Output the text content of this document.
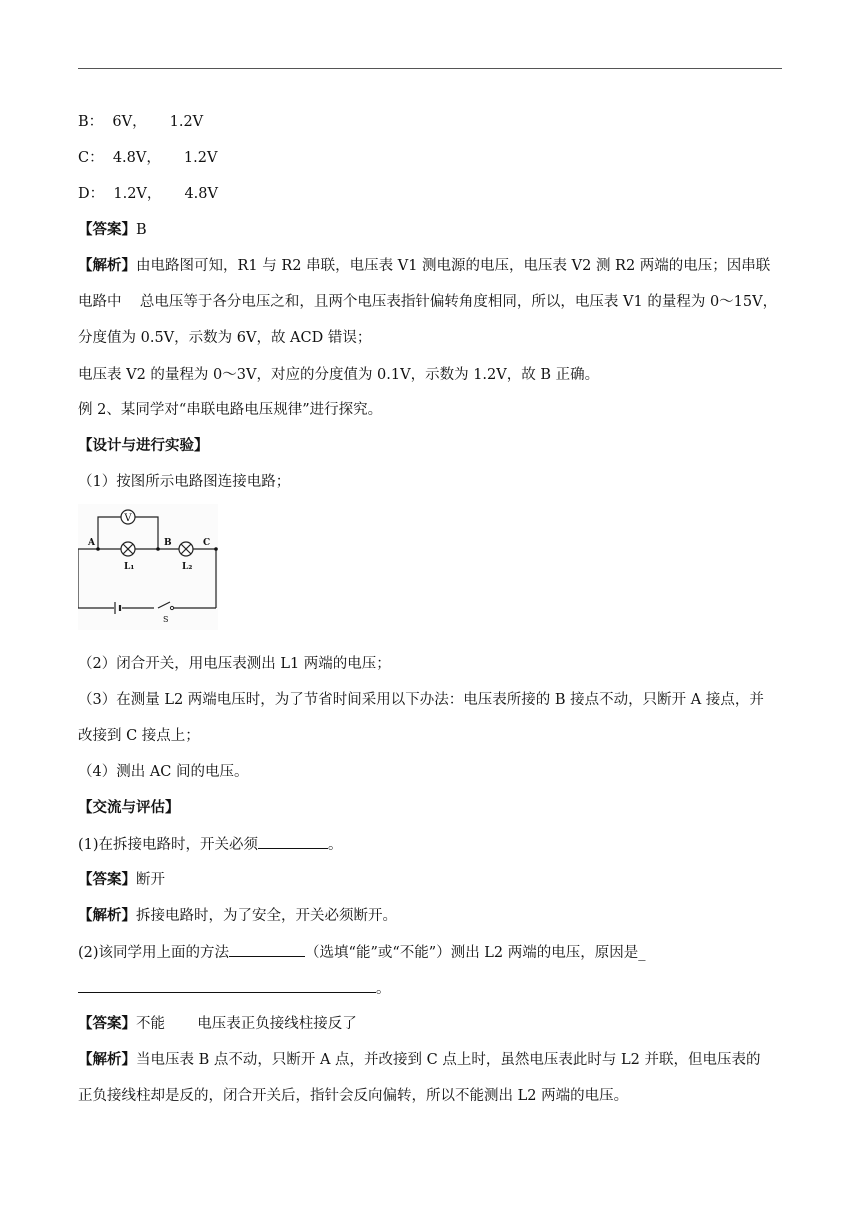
B： 6V， 1.2V
C： 4.8V， 1.2V
D： 1.2V， 4.8V
【答案】B
【解析】由电路图可知，R1 与 R2 串联，电压表 V1 测电源的电压，电压表 V2 测 R2 两端的电压；因串联
电路中    总电压等于各分电压之和，且两个电压表指针偏转角度相同，所以，电压表 V1 的量程为 0～15V，
分度值为 0.5V，示数为 6V，故 ACD 错误；
电压表 V2 的量程为 0～3V，对应的分度值为 0.1V，示数为 1.2V，故 B 正确。
例 2、某同学对“串联电路电压规律”进行探究。
【设计与进行实验】
（1）按图所示电路图连接电路；
V
A	B	C
L₁	L₂
S
（2）闭合开关，用电压表测出 L1 两端的电压；
（3）在测量 L2 两端电压时，为了节省时间采用以下办法：电压表所接的 B 接点不动，只断开 A 接点，并
改接到 C 接点上；
（4）测出 AC 间的电压。
【交流与评估】
(1)在拆接电路时，开关必须	。
【答案】断开
【解析】拆接电路时，为了安全，开关必须断开。
(2)该同学用上面的方法	（选填“能”或“不能”）测出 L2 两端的电压，原因是_
。
【答案】不能       电压表正负接线柱接反了
【解析】当电压表 B 点不动，只断开 A 点，并改接到 C 点上时，虽然电压表此时与 L2 并联，但电压表的
正负接线柱却是反的，闭合开关后，指针会反向偏转，所以不能测出 L2 两端的电压。
